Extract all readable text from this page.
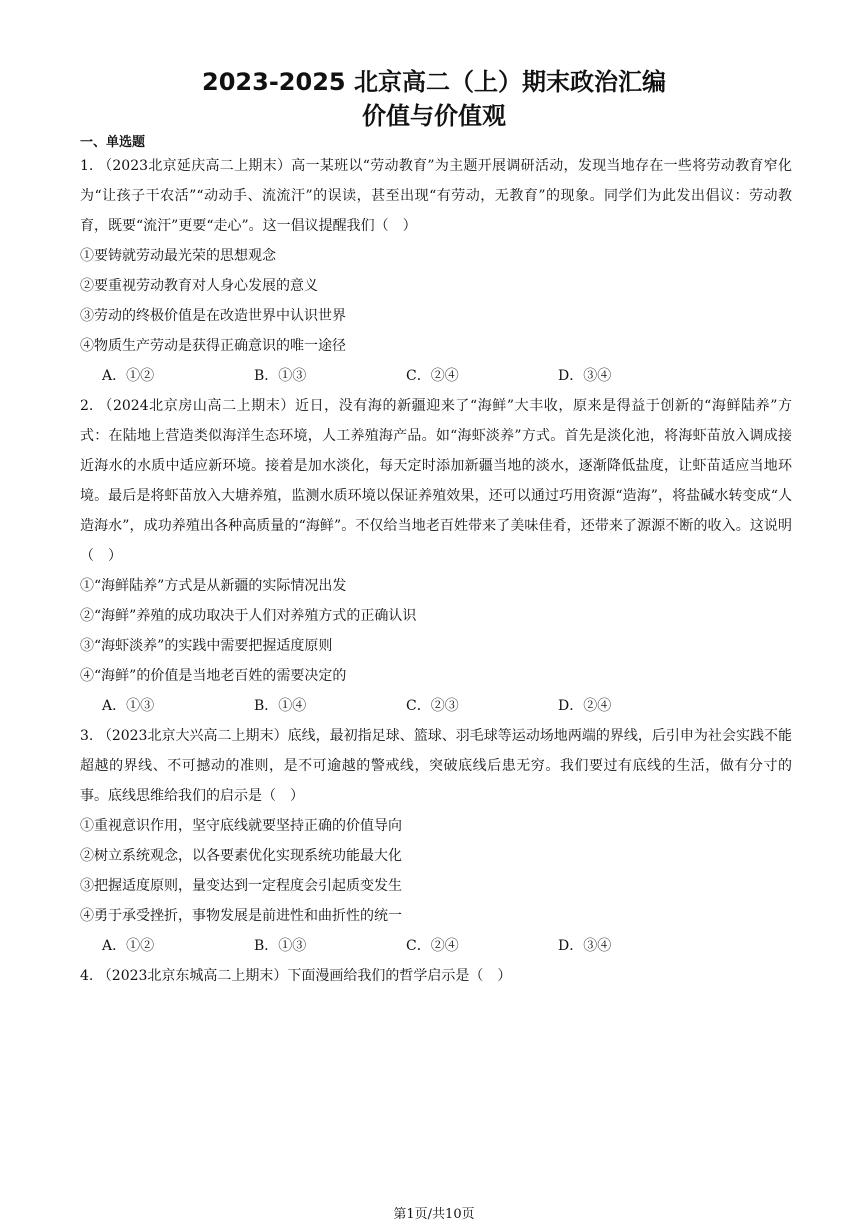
2023-2025 北京高二（上）期末政治汇编
价值与价值观
一、单选题

1. （2023北京延庆高二上期末）高一某班以“劳动教育”为主题开展调研活动，发现当地存在一些将劳动教育窄化为“让孩子干农活”“动动手、流流汗”的误读，甚至出现“有劳动，无教育”的现象。同学们为此发出倡议：劳动教育，既要“流汗”更要“走心”。这一倡议提醒我们（　）

①要铸就劳动最光荣的思想观念

②要重视劳动教育对人身心发展的意义

③劳动的终极价值是在改造世界中认识世界

④物质生产劳动是获得正确意识的唯一途径

A．①②	B．①③	C．②④	D．③④

2. （2024北京房山高二上期末）近日，没有海的新疆迎来了“海鲜”大丰收，原来是得益于创新的“海鲜陆养”方式：在陆地上营造类似海洋生态环境，人工养殖海产品。如“海虾淡养”方式。首先是淡化池，将海虾苗放入调成接近海水的水质中适应新环境。接着是加水淡化，每天定时添加新疆当地的淡水，逐渐降低盐度，让虾苗适应当地环境。最后是将虾苗放入大塘养殖，监测水质环境以保证养殖效果，还可以通过巧用资源“造海”，将盐碱水转变成“人造海水”，成功养殖出各种高质量的“海鲜”。不仅给当地老百姓带来了美味佳肴，还带来了源源不断的收入。这说明（　）

①“海鲜陆养”方式是从新疆的实际情况出发

②“海鲜”养殖的成功取决于人们对养殖方式的正确认识

③“海虾淡养”的实践中需要把握适度原则

④“海鲜”的价值是当地老百姓的需要决定的

A．①③	B．①④	C．②③	D．②④

3. （2023北京大兴高二上期末）底线，最初指足球、篮球、羽毛球等运动场地两端的界线，后引申为社会实践不能超越的界线、不可撼动的准则，是不可逾越的警戒线，突破底线后患无穷。我们要过有底线的生活，做有分寸的事。底线思维给我们的启示是（　）

①重视意识作用，坚守底线就要坚持正确的价值导向

②树立系统观念，以各要素优化实现系统功能最大化

③把握适度原则，量变达到一定程度会引起质变发生

④勇于承受挫折，事物发展是前进性和曲折性的统一

A．①②	B．①③	C．②④	D．③④

4. （2023北京东城高二上期末）下面漫画给我们的哲学启示是（　）

第1页/共10页
